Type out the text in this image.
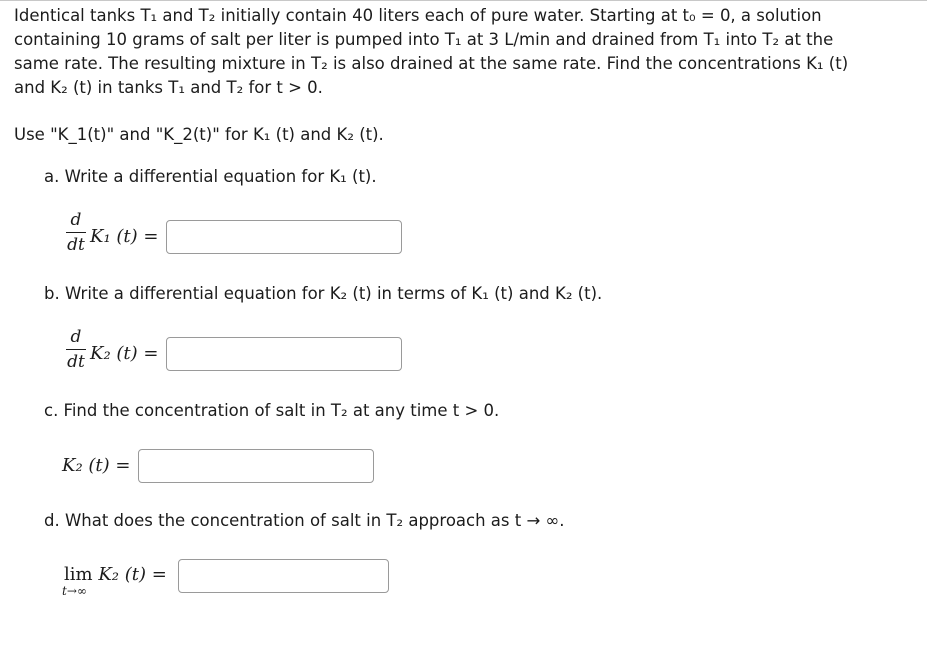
Identical tanks T₁ and T₂ initially contain 40 liters each of pure water. Starting at t₀ = 0, a solution
containing 10 grams of salt per liter is pumped into T₁ at 3 L/min and drained from T₁ into T₂ at the
same rate. The resulting mixture in T₂ is also drained at the same rate. Find the concentrations K₁ (t)
and K₂ (t) in tanks T₁ and T₂ for t > 0.
Use "K_1(t)" and "K_2(t)" for K₁ (t) and K₂ (t).
a. Write a differential equation for K₁ (t).
d
dt K₁ (t) =
b. Write a differential equation for K₂ (t) in terms of K₁ (t) and K₂ (t).
d
dt K₂ (t) =
c. Find the concentration of salt in T₂ at any time t > 0.
K₂ (t) =
d. What does the concentration of salt in T₂ approach as t → ∞.
lim K₂ (t) =
t→∞
